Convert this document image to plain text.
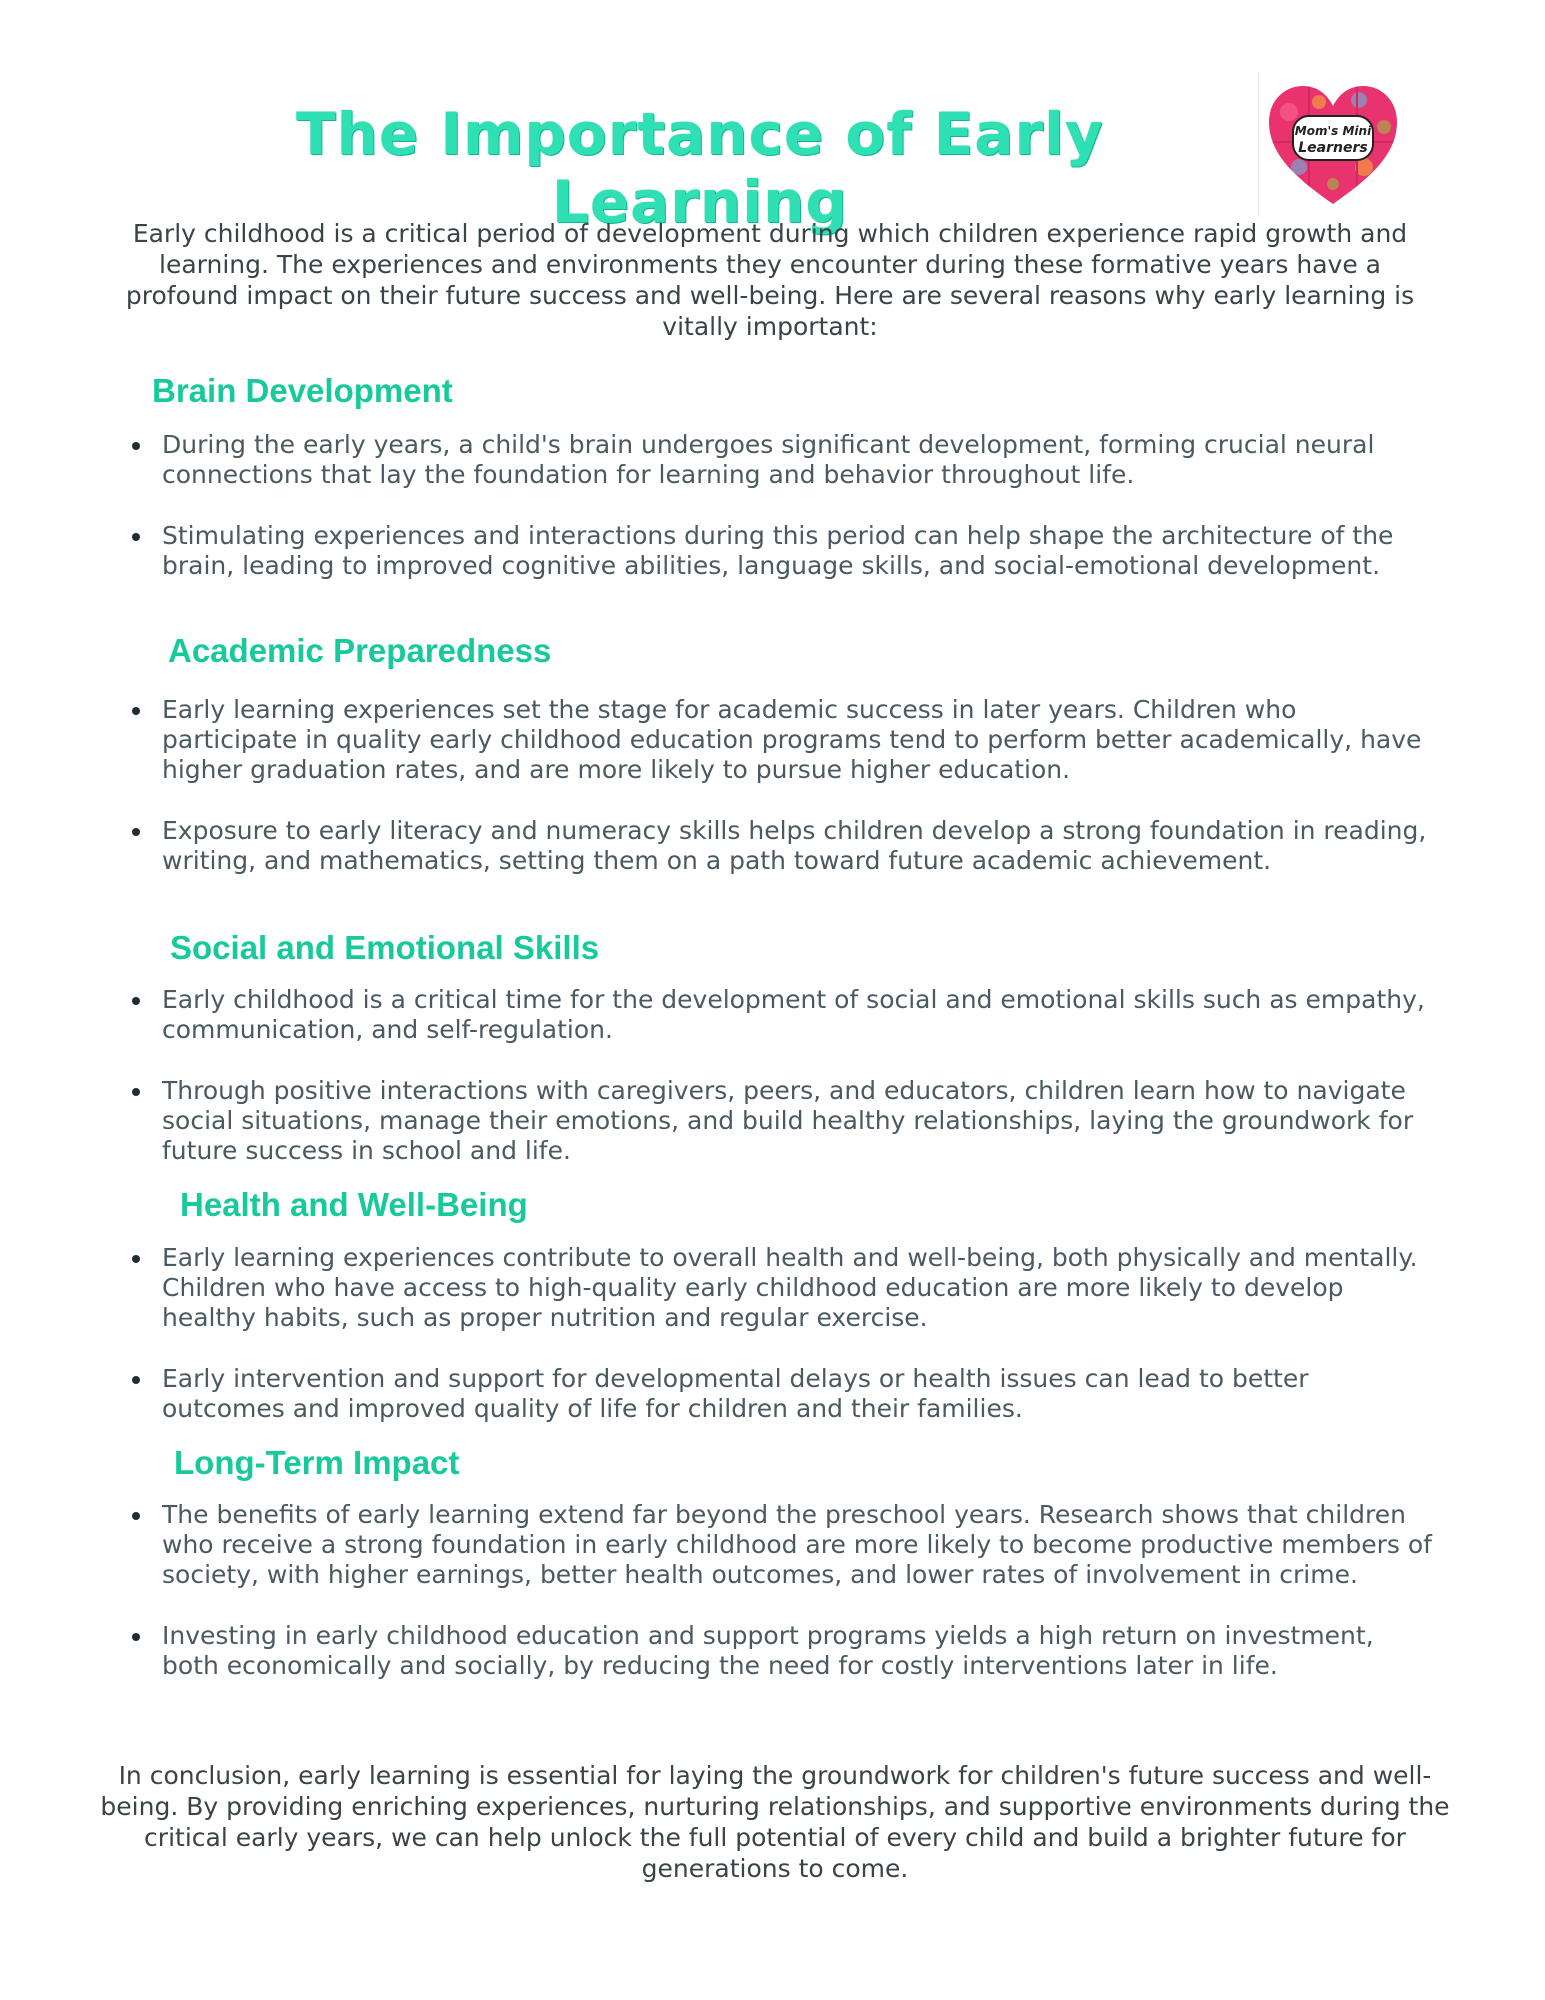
The Importance of Early Learning
Mom's Mini
Learners
Early childhood is a critical period of development during which children experience rapid growth and learning. The experiences and environments they encounter during these formative years have a profound impact on their future success and well-being. Here are several reasons why early learning is vitally important:
Brain Development
During the early years, a child's brain undergoes significant development, forming crucial neural connections that lay the foundation for learning and behavior throughout life.
Stimulating experiences and interactions during this period can help shape the architecture of the brain, leading to improved cognitive abilities, language skills, and social-emotional development.
Academic Preparedness
Early learning experiences set the stage for academic success in later years. Children who participate in quality early childhood education programs tend to perform better academically, have higher graduation rates, and are more likely to pursue higher education.
Exposure to early literacy and numeracy skills helps children develop a strong foundation in reading, writing, and mathematics, setting them on a path toward future academic achievement.
Social and Emotional Skills
Early childhood is a critical time for the development of social and emotional skills such as empathy, communication, and self-regulation.
Through positive interactions with caregivers, peers, and educators, children learn how to navigate social situations, manage their emotions, and build healthy relationships, laying the groundwork for future success in school and life.
Health and Well-Being
Early learning experiences contribute to overall health and well-being, both physically and mentally. Children who have access to high-quality early childhood education are more likely to develop healthy habits, such as proper nutrition and regular exercise.
Early intervention and support for developmental delays or health issues can lead to better outcomes and improved quality of life for children and their families.
Long-Term Impact
The benefits of early learning extend far beyond the preschool years. Research shows that children who receive a strong foundation in early childhood are more likely to become productive members of society, with higher earnings, better health outcomes, and lower rates of involvement in crime.
Investing in early childhood education and support programs yields a high return on investment, both economically and socially, by reducing the need for costly interventions later in life.
In conclusion, early learning is essential for laying the groundwork for children's future success and well-being. By providing enriching experiences, nurturing relationships, and supportive environments during the critical early years, we can help unlock the full potential of every child and build a brighter future for generations to come.
